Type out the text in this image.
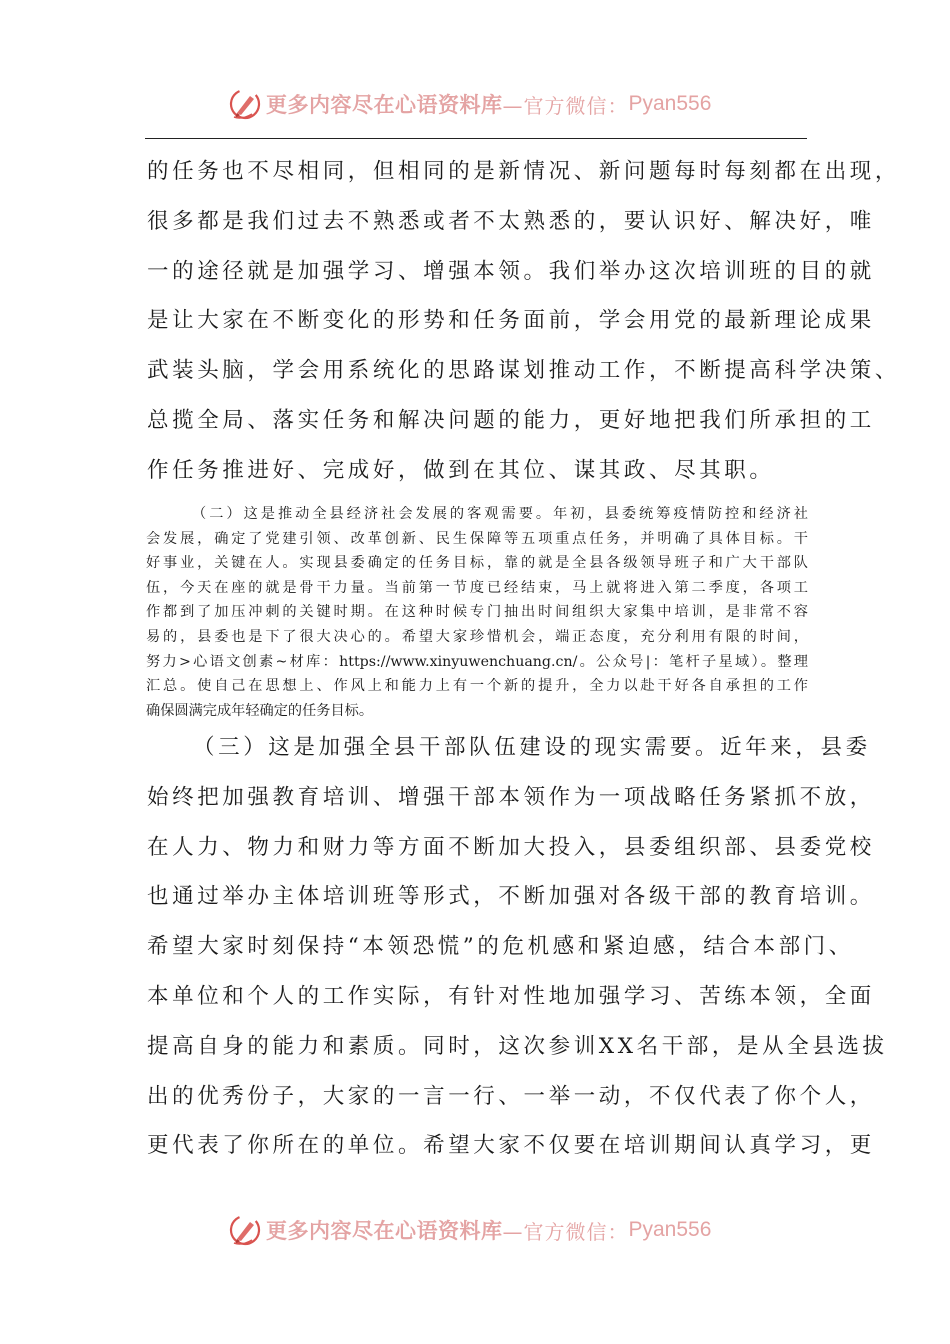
更多内容尽在心语资料库 —官方微信： Pyan556
的任务也不尽相同，但相同的是新情况、新问题每时每刻都在出现，
很多都是我们过去不熟悉或者不太熟悉的，要认识好、解决好，唯
一的途径就是加强学习、增强本领。我们举办这次培训班的目的就
是让大家在不断变化的形势和任务面前，学会用党的最新理论成果
武装头脑，学会用系统化的思路谋划推动工作，不断提高科学决策、
总揽全局、落实任务和解决问题的能力，更好地把我们所承担的工
作任务推进好、完成好，做到在其位、谋其政、尽其职。
（二）这是推动全县经济社会发展的客观需要。年初，县委统筹疫情防控和经济社
会发展，确定了党建引领、改革创新、民生保障等五项重点任务，并明确了具体目标。干
好事业，关键在人。实现县委确定的任务目标，靠的就是全县各级领导班子和广大干部队
伍，今天在座的就是骨干力量。当前第一节度已经结束，马上就将进入第二季度，各项工
作都到了加压冲刺的关键时期。在这种时候专门抽出时间组织大家集中培训，是非常不容
易的，县委也是下了很大决心的。希望大家珍惜机会，端正态度，充分利用有限的时间，
努力>心语文创素~材库：https://www.xinyuwenchuang.cn/。公众号|：笔杆子星域）。整理
汇总。使自己在思想上、作风上和能力上有一个新的提升，全力以赴干好各自承担的工作
确保圆满完成年轻确定的任务目标。
（三）这是加强全县干部队伍建设的现实需要。近年来，县委
始终把加强教育培训、增强干部本领作为一项战略任务紧抓不放，
在人力、物力和财力等方面不断加大投入，县委组织部、县委党校
也通过举办主体培训班等形式，不断加强对各级干部的教育培训。
希望大家时刻保持“本领恐慌”的危机感和紧迫感，结合本部门、
本单位和个人的工作实际，有针对性地加强学习、苦练本领，全面
提高自身的能力和素质。同时，这次参训XX名干部，是从全县选拔
出的优秀份子，大家的一言一行、一举一动，不仅代表了你个人，
更代表了你所在的单位。希望大家不仅要在培训期间认真学习，更
更多内容尽在心语资料库 —官方微信： Pyan556
